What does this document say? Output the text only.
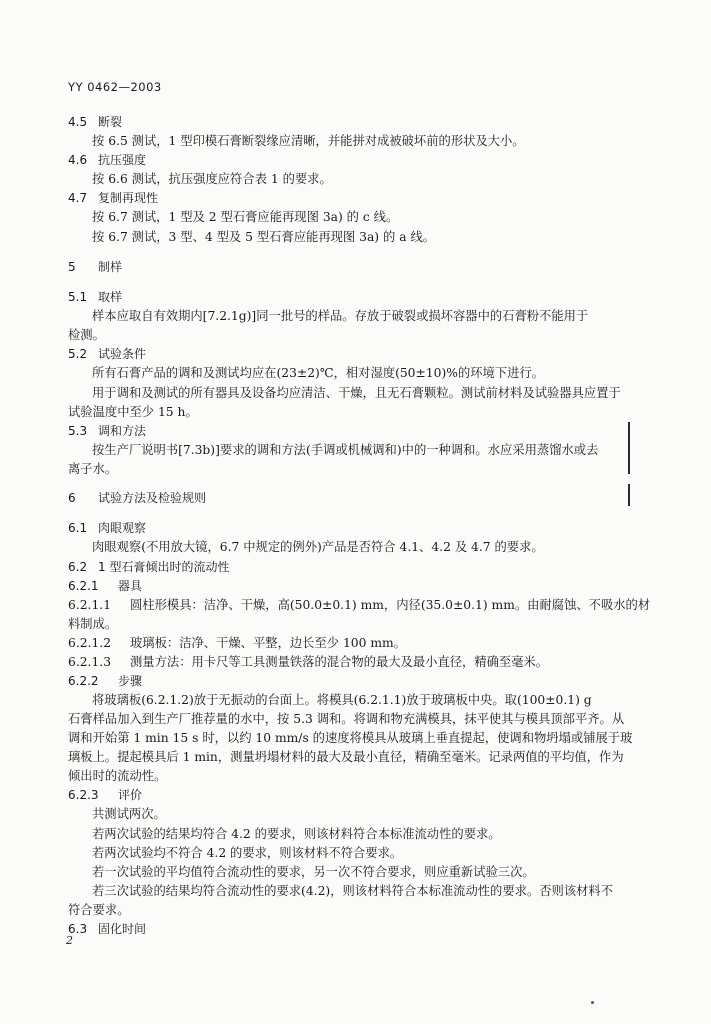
YY 0462—2003
4.5 断裂
按 6.5 测试，1 型印模石膏断裂缘应清晰，并能拼对成被破坏前的形状及大小。
4.6 抗压强度
按 6.6 测试，抗压强度应符合表 1 的要求。
4.7 复制再现性
按 6.7 测试，1 型及 2 型石膏应能再现图 3a) 的 c 线。
按 6.7 测试，3 型、4 型及 5 型石膏应能再现图 3a) 的 a 线。
5 制样
5.1 取样
样本应取自有效期内[7.2.1g)]同一批号的样品。存放于破裂或损坏容器中的石膏粉不能用于
检测。
5.2 试验条件
所有石膏产品的调和及测试均应在(23±2)℃，相对湿度(50±10)%的环境下进行。
用于调和及测试的所有器具及设备均应清洁、干燥，且无石膏颗粒。测试前材料及试验器具应置于
试验温度中至少 15 h。
5.3 调和方法
按生产厂说明书[7.3b)]要求的调和方法(手调或机械调和)中的一种调和。水应采用蒸馏水或去
离子水。
6 试验方法及检验规则
6.1 肉眼观察
肉眼观察(不用放大镜，6.7 中规定的例外)产品是否符合 4.1、4.2 及 4.7 的要求。
6.2 1 型石膏倾出时的流动性
6.2.1 器具
6.2.1.1 圆柱形模具：洁净、干燥，高(50.0±0.1) mm，内径(35.0±0.1) mm。由耐腐蚀、不吸水的材
料制成。
6.2.1.2 玻璃板：洁净、干燥、平整，边长至少 100 mm。
6.2.1.3 测量方法：用卡尺等工具测量铁落的混合物的最大及最小直径，精确至毫米。
6.2.2 步骤
将玻璃板(6.2.1.2)放于无振动的台面上。将模具(6.2.1.1)放于玻璃板中央。取(100±0.1) g
石膏样品加入到生产厂推荐量的水中，按 5.3 调和。将调和物充满模具，抹平使其与模具顶部平齐。从
调和开始第 1 min 15 s 时，以约 10 mm/s 的速度将模具从玻璃上垂直提起，使调和物坍塌或铺展于玻
璃板上。提起模具后 1 min，测量坍塌材料的最大及最小直径，精确至毫米。记录两值的平均值，作为
倾出时的流动性。
6.2.3 评价
共测试两次。
若两次试验的结果均符合 4.2 的要求，则该材料符合本标准流动性的要求。
若两次试验均不符合 4.2 的要求，则该材料不符合要求。
若一次试验的平均值符合流动性的要求，另一次不符合要求，则应重新试验三次。
若三次试验的结果均符合流动性的要求(4.2)，则该材料符合本标准流动性的要求。否则该材料不
符合要求。
6.3 固化时间
2
